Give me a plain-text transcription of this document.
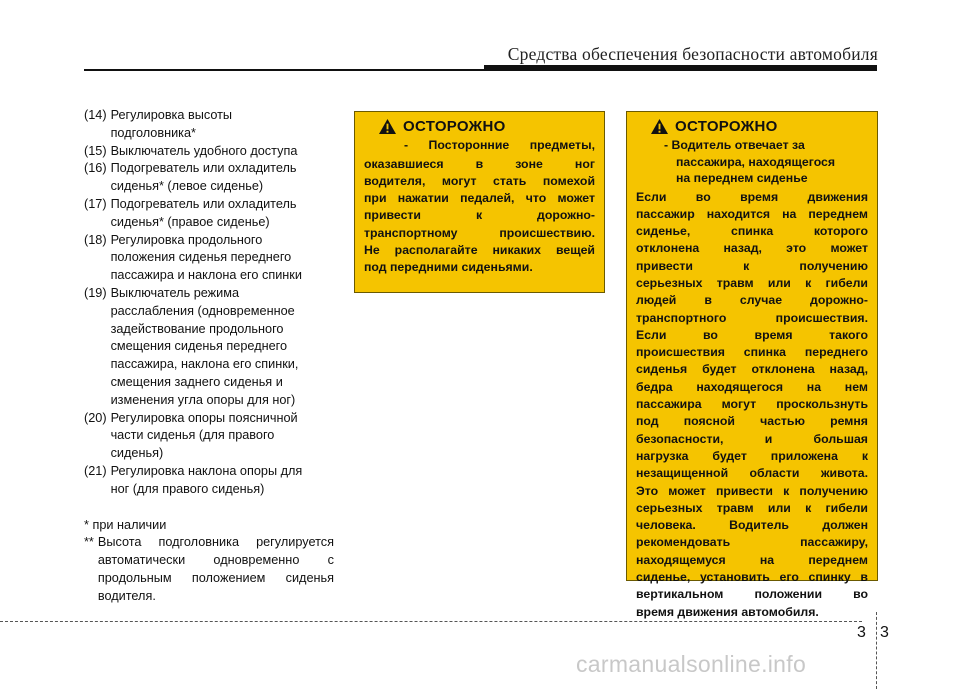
Средства обеспечения безопасности автомобиля
(14) Регулировка высоты
подголовника*
(15) Выключатель удобного доступа
(16) Подогреватель или охладитель
сиденья* (левое сиденье)
(17) Подогреватель или охладитель
сиденья* (правое сиденье)
(18) Регулировка продольного
положения сиденья переднего
пассажира и наклона его спинки
(19) Выключатель режима
расслабления (одновременное
задействование продольного
смещения сиденья переднего
пассажира, наклона его спинки,
смещения заднего сиденья и
изменения угла опоры для ног)
(20) Регулировка опоры поясничной
части сиденья (для правого
сиденья)
(21) Регулировка наклона опоры для
ног (для правого сиденья)
* при наличии
** Высота подголовника регулируется
автоматически одновременно с
продольным положением сиденья
водителя.
ОСТОРОЖНО
- Посторонние предметы,
оказавшиеся в зоне ног
водителя, могут стать помехой
при нажатии педалей, что может
привести к дорожно-
транспортному происшествию.
Не располагайте никаких вещей
под передними сиденьями.
ОСТОРОЖНО
- Водитель отвечает за
пассажира, находящегося
на переднем сиденье
Если во время движения
пассажир находится на переднем
сиденье, спинка которого
отклонена назад, это может
привести к получению
серьезных травм или к гибели
людей в случае дорожно-
транспортного происшествия.
Если во время такого
происшествия спинка переднего
сиденья будет отклонена назад,
бедра находящегося на нем
пассажира могут проскользнуть
под поясной частью ремня
безопасности, и большая
нагрузка будет приложена к
незащищенной области живота.
Это может привести к получению
серьезных травм или к гибели
человека. Водитель должен
рекомендовать пассажиру,
находящемуся на переднем
сиденье, установить его спинку в
вертикальном положении во
время движения автомобиля.
3 3
carmanualsonline.info
